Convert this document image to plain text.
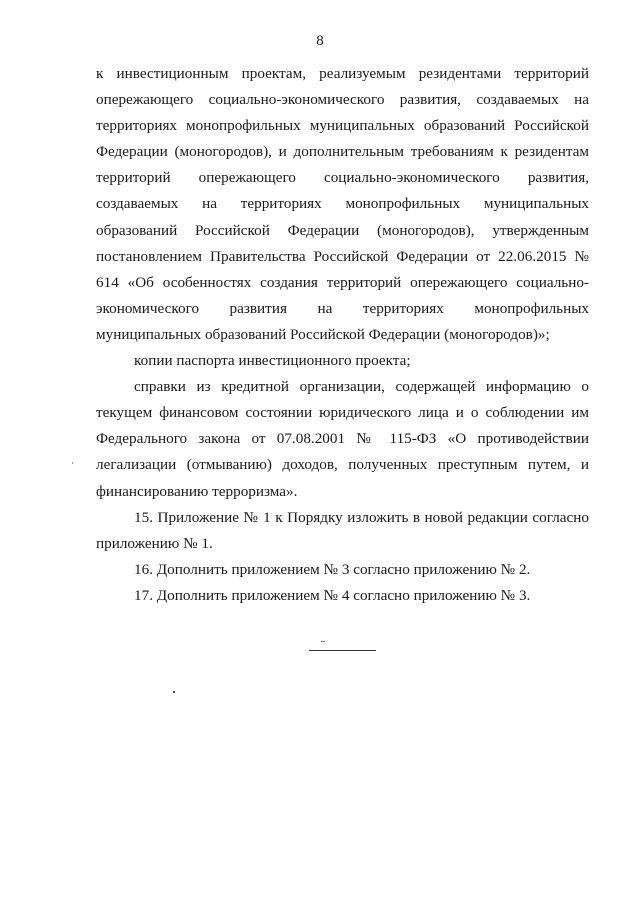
8

к инвестиционным проектам, реализуемым резидентами территорий опережающего социально-экономического развития, создаваемых на территориях монопрофильных муниципальных образований Российской Федерации (моногородов), и дополнительным требованиям к резидентам территорий опережающего социально-экономического развития, создаваемых на территориях монопрофильных муниципальных образований Российской Федерации (моногородов), утвержденным постановлением Правительства Российской Федерации от 22.06.2015 № 614 «Об особенностях создания территорий опережающего социально-экономического развития на территориях монопрофильных муниципальных образований Российской Федерации (моногородов)»;

копии паспорта инвестиционного проекта;

справки из кредитной организации, содержащей информацию о текущем финансовом состоянии юридического лица и о соблюдении им Федерального закона от 07.08.2001 № 115-ФЗ «О противодействии легализации (отмыванию) доходов, полученных преступным путем, и финансированию терроризма».

15. Приложение № 1 к Порядку изложить в новой редакции согласно приложению № 1.

16. Дополнить приложением № 3 согласно приложению № 2.

17. Дополнить приложением № 4 согласно приложению № 3.
